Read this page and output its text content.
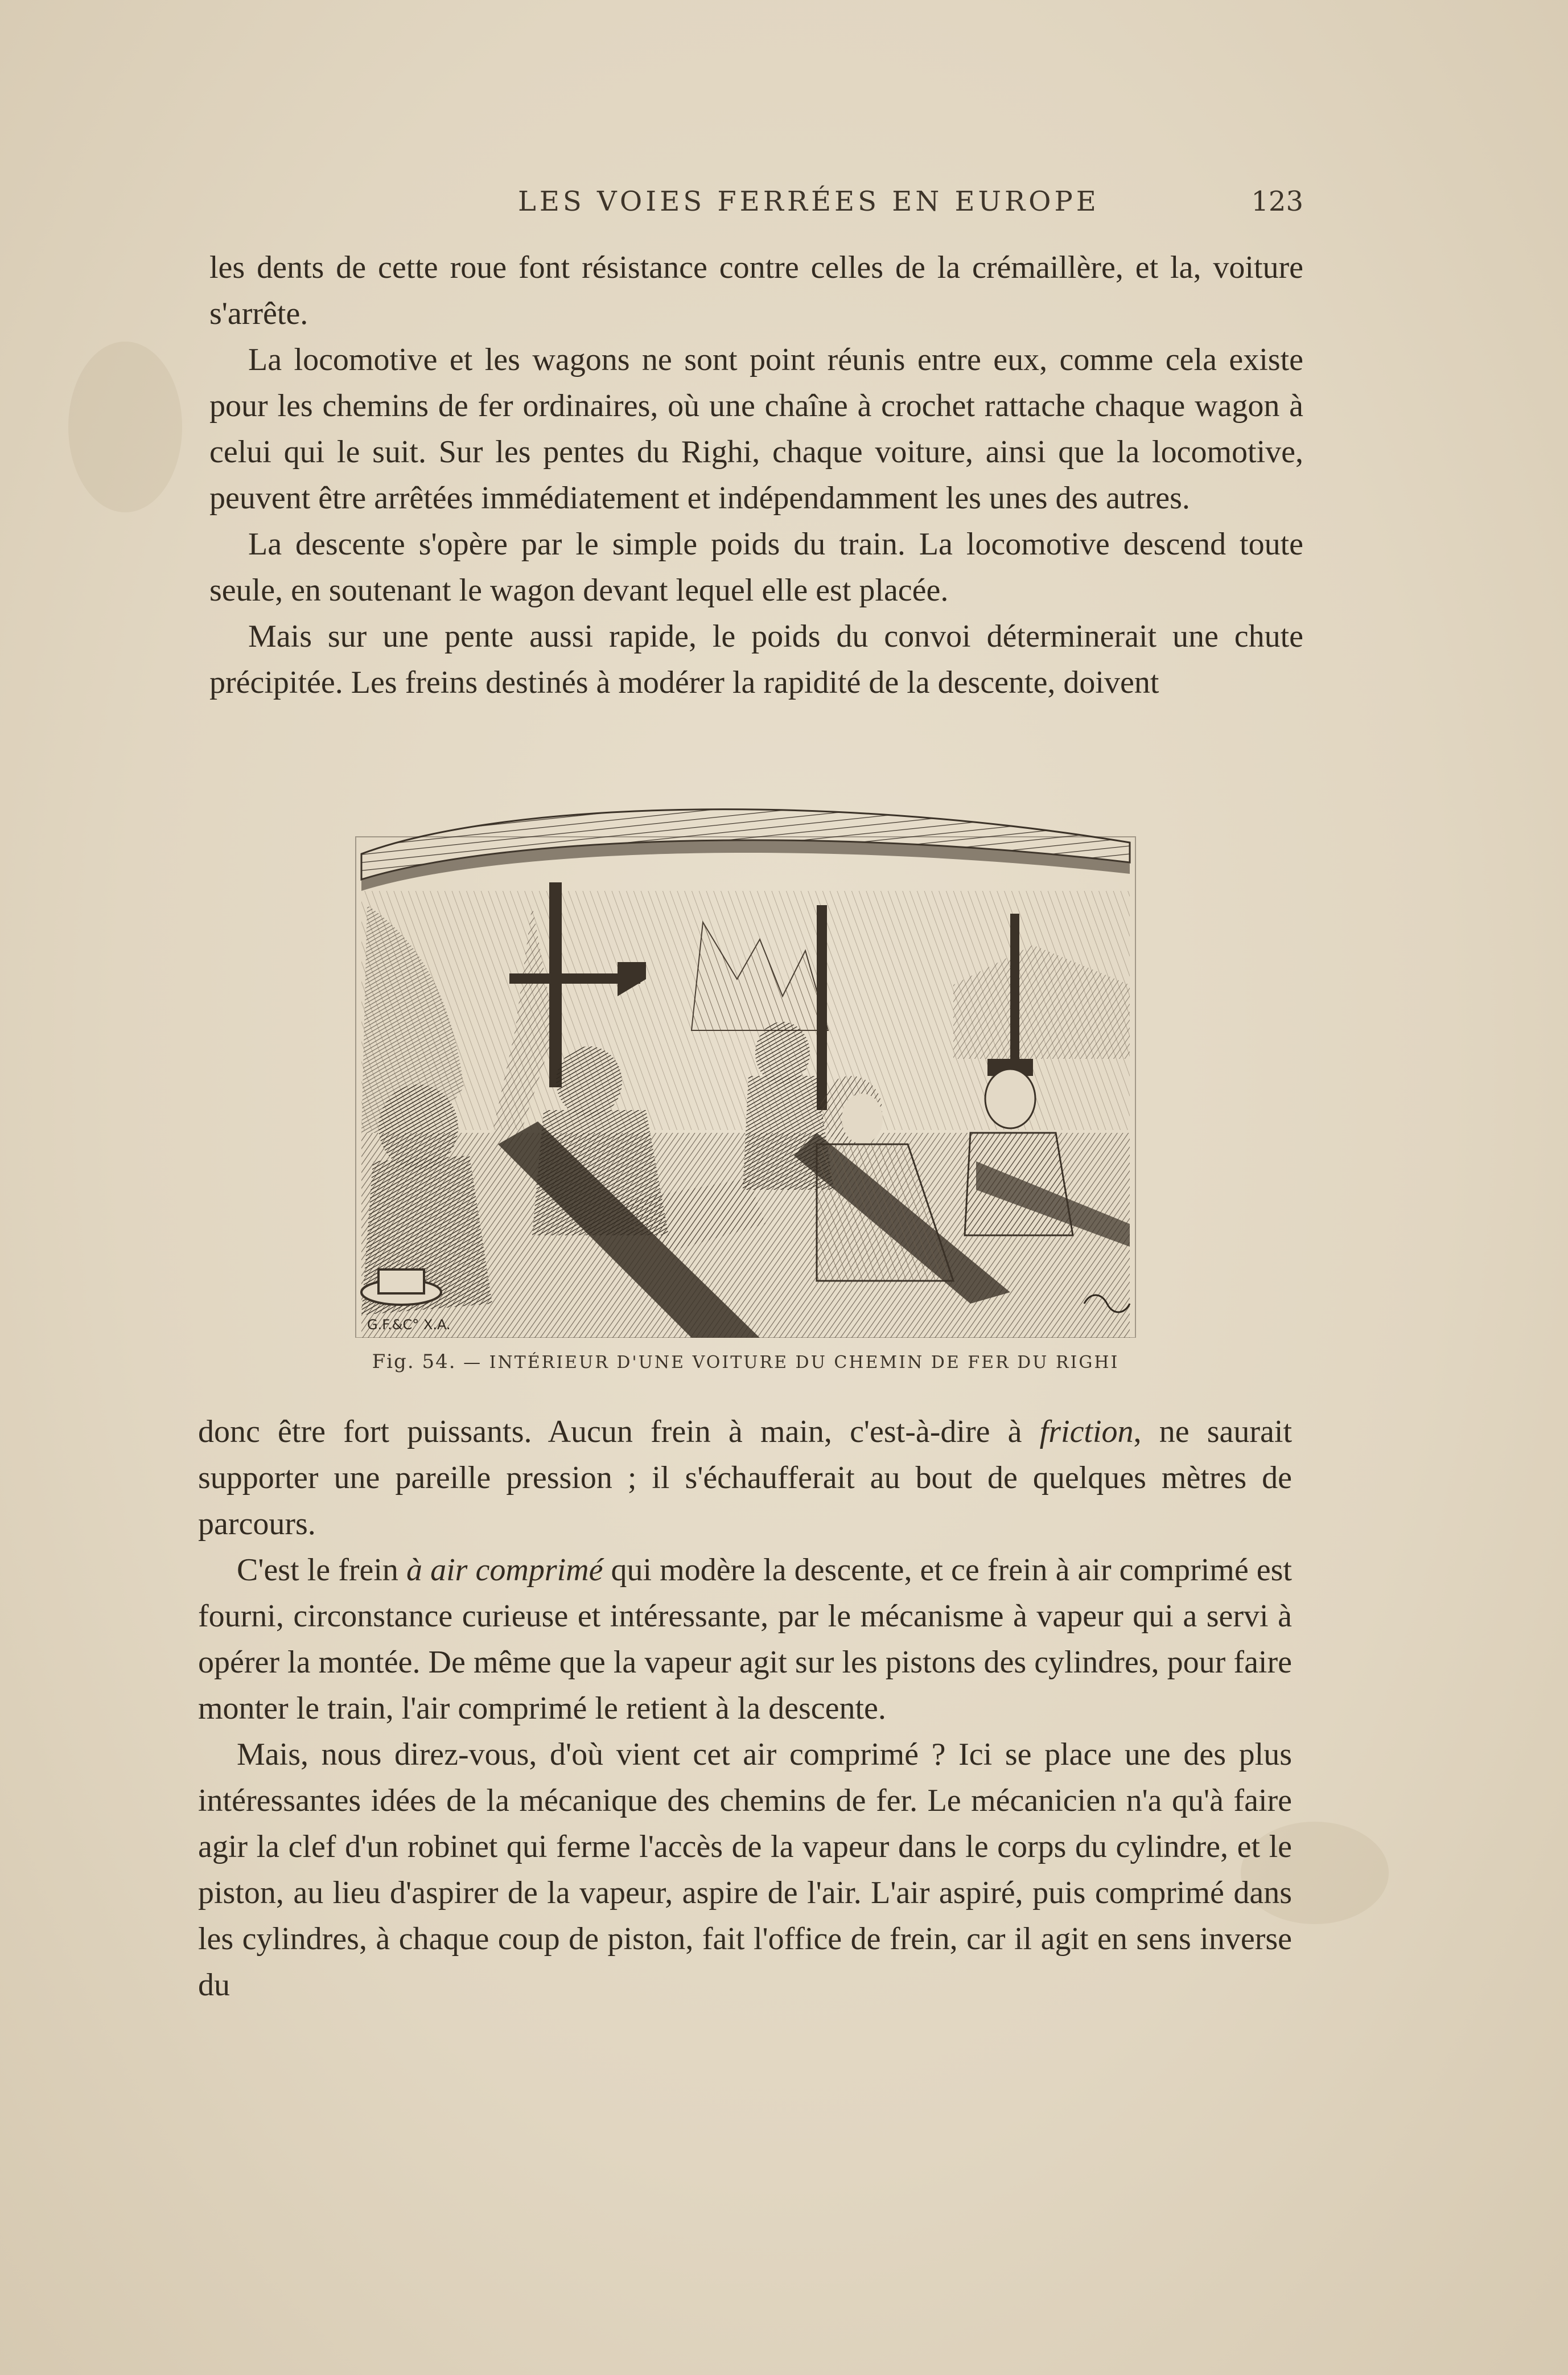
LES VOIES FERRÉES EN EUROPE	123

les dents de cette roue font résistance contre celles de la crémaillère, et la, voiture s'arrête.

La locomotive et les wagons ne sont point réunis entre eux, comme cela existe pour les chemins de fer ordinaires, où une chaîne à crochet rattache chaque wagon à celui qui le suit. Sur les pentes du Righi, chaque voiture, ainsi que la locomotive, peuvent être arrêtées immédiatement et indépendamment les unes des autres.

La descente s'opère par le simple poids du train. La locomotive descend toute seule, en soutenant le wagon devant lequel elle est placée.

Mais sur une pente aussi rapide, le poids du convoi déterminerait une chute précipitée. Les freins destinés à modérer la rapidité de la descente, doivent

G.F.&C° X.A.
Fig. 54. — INTÉRIEUR D'UNE VOITURE DU CHEMIN DE FER DU RIGHI

donc être fort puissants. Aucun frein à main, c'est-à-dire à friction, ne saurait supporter une pareille pression ; il s'échaufferait au bout de quelques mètres de parcours.

C'est le frein à air comprimé qui modère la descente, et ce frein à air comprimé est fourni, circonstance curieuse et intéressante, par le mécanisme à vapeur qui a servi à opérer la montée. De même que la vapeur agit sur les pistons des cylindres, pour faire monter le train, l'air comprimé le retient à la descente.

Mais, nous direz-vous, d'où vient cet air comprimé ? Ici se place une des plus intéressantes idées de la mécanique des chemins de fer. Le mécanicien n'a qu'à faire agir la clef d'un robinet qui ferme l'accès de la vapeur dans le corps du cylindre, et le piston, au lieu d'aspirer de la vapeur, aspire de l'air. L'air aspiré, puis comprimé dans les cylindres, à chaque coup de piston, fait l'office de frein, car il agit en sens inverse du
